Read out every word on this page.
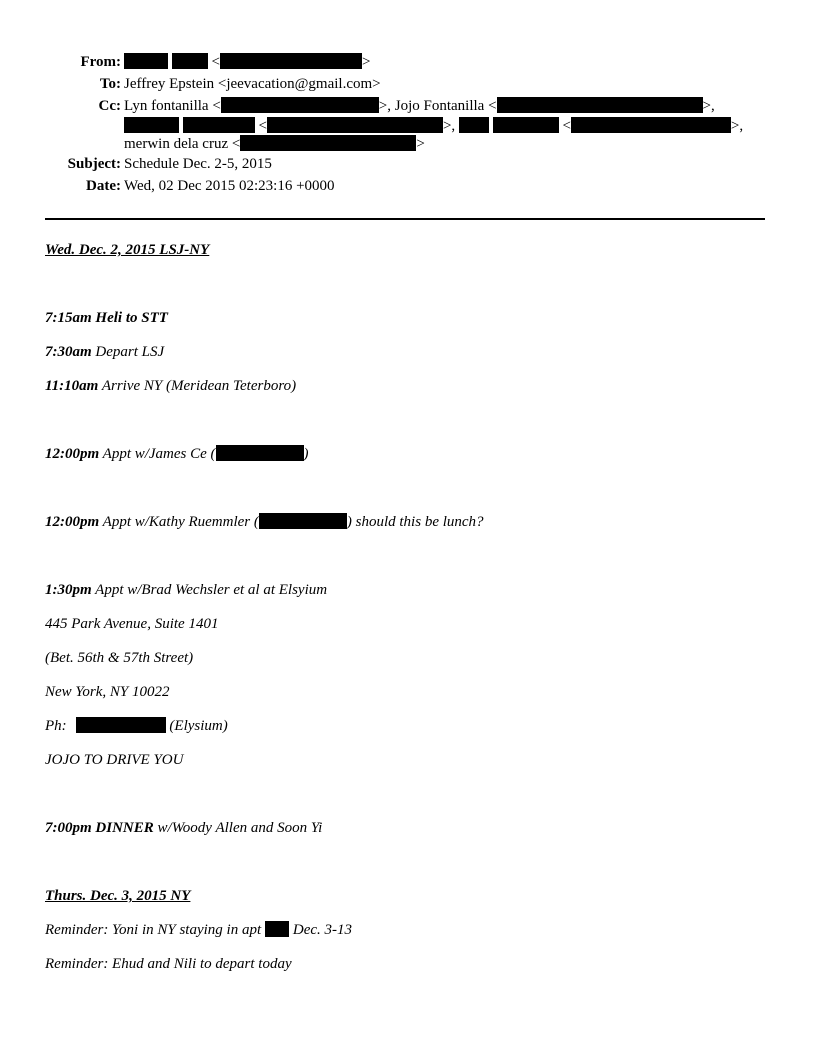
From:	<	>
To: Jeffrey Epstein <jeevacation@gmail.com>
Cc: Lyn fontanilla <	>, Jojo Fontanilla <	>,
<	>,	<	>,
merwin dela cruz <	>
Subject: Schedule Dec. 2-5, 2015
Date: Wed, 02 Dec 2015 02:23:16 +0000
Wed. Dec. 2, 2015 LSJ-NY
7:15am Heli to STT
7:30am Depart LSJ
11:10am Arrive NY (Meridean Teterboro)
12:00pm Appt w/James Ce (	)
12:00pm Appt w/Kathy Ruemmler (	) should this be lunch?
1:30pm Appt w/Brad Wechsler et al at Elsyium
445 Park Avenue, Suite 1401
(Bet. 56th & 57th Street)
New York, NY 10022
Ph:	(Elysium)
JOJO TO DRIVE YOU
7:00pm DINNER w/Woody Allen and Soon Yi
Thurs. Dec. 3, 2015 NY
Reminder: Yoni in NY staying in apt Dec. 3-13
Reminder: Ehud and Nili to depart today
